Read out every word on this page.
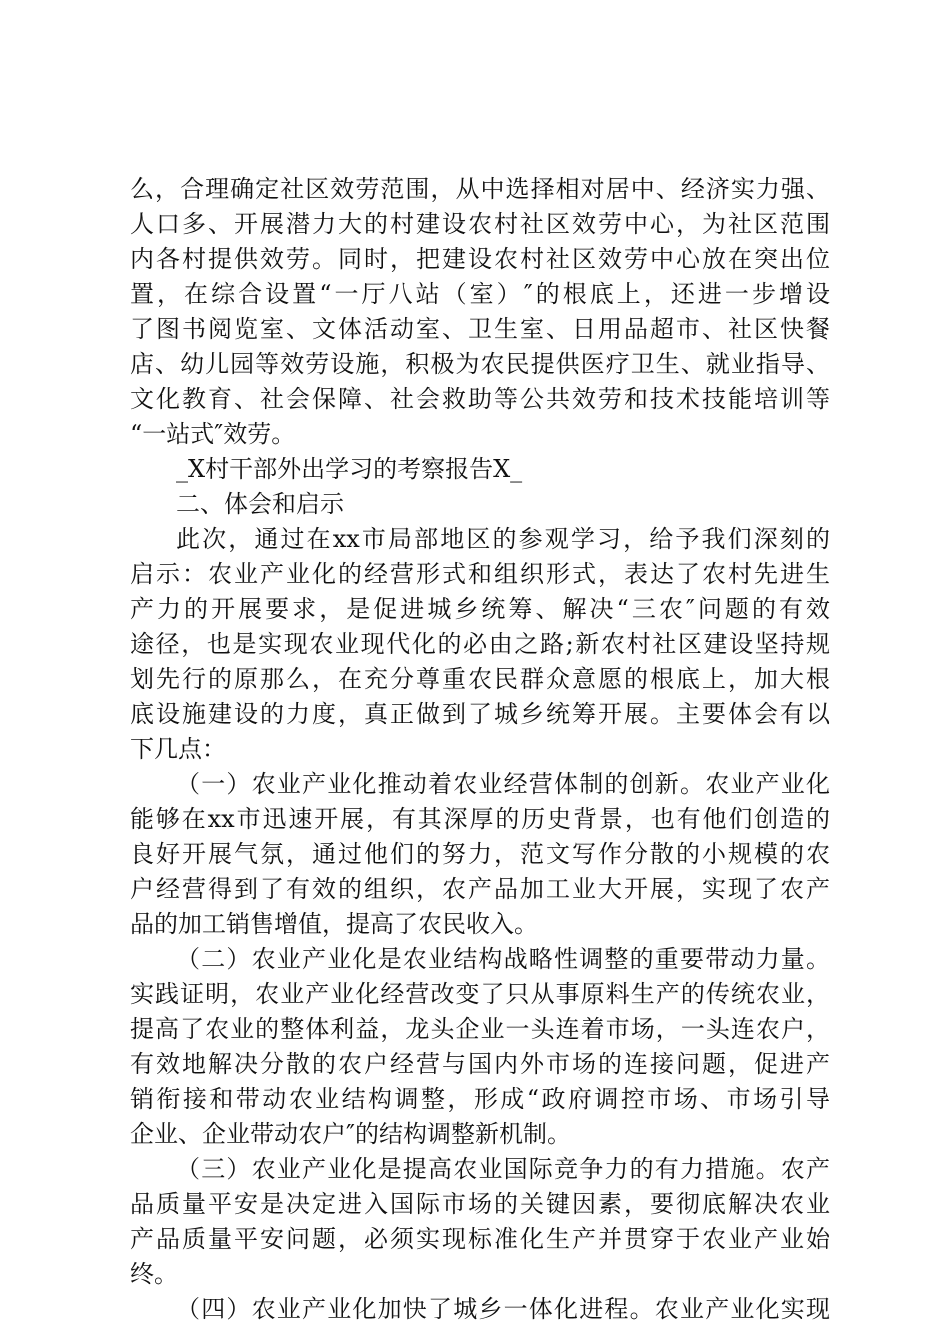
么，合理确定社区效劳范围，从中选择相对居中、经济实力强、
人口多、开展潜力大的村建设农村社区效劳中心，为社区范围
内各村提供效劳。同时，把建设农村社区效劳中心放在突出位
置，在综合设置“一厅八站（室）″的根底上，还进一步增设
了图书阅览室、文体活动室、卫生室、日用品超市、社区快餐
店、幼儿园等效劳设施，积极为农民提供医疗卫生、就业指导、
文化教育、社会保障、社会救助等公共效劳和技术技能培训等
“一站式″效劳。
_X村干部外出学习的考察报告X_
二、体会和启示
此次，通过在xx市局部地区的参观学习，给予我们深刻的
启示：农业产业化的经营形式和组织形式，表达了农村先进生
产力的开展要求，是促进城乡统筹、解决“三农″问题的有效
途径，也是实现农业现代化的必由之路;新农村社区建设坚持规
划先行的原那么，在充分尊重农民群众意愿的根底上，加大根
底设施建设的力度，真正做到了城乡统筹开展。主要体会有以
下几点：
（一）农业产业化推动着农业经营体制的创新。农业产业化
能够在xx市迅速开展，有其深厚的历史背景，也有他们创造的
良好开展气氛，通过他们的努力，范文写作分散的小规模的农
户经营得到了有效的组织，农产品加工业大开展，实现了农产
品的加工销售增值，提高了农民收入。
（二）农业产业化是农业结构战略性调整的重要带动力量。
实践证明，农业产业化经营改变了只从事原料生产的传统农业，
提高了农业的整体利益，龙头企业一头连着市场，一头连农户，
有效地解决分散的农户经营与国内外市场的连接问题，促进产
销衔接和带动农业结构调整，形成“政府调控市场、市场引导
企业、企业带动农户″的结构调整新机制。
（三）农业产业化是提高农业国际竞争力的有力措施。农产
品质量平安是决定进入国际市场的关键因素，要彻底解决农业
产品质量平安问题，必须实现标准化生产并贯穿于农业产业始
终。
（四）农业产业化加快了城乡一体化进程。农业产业化实现
